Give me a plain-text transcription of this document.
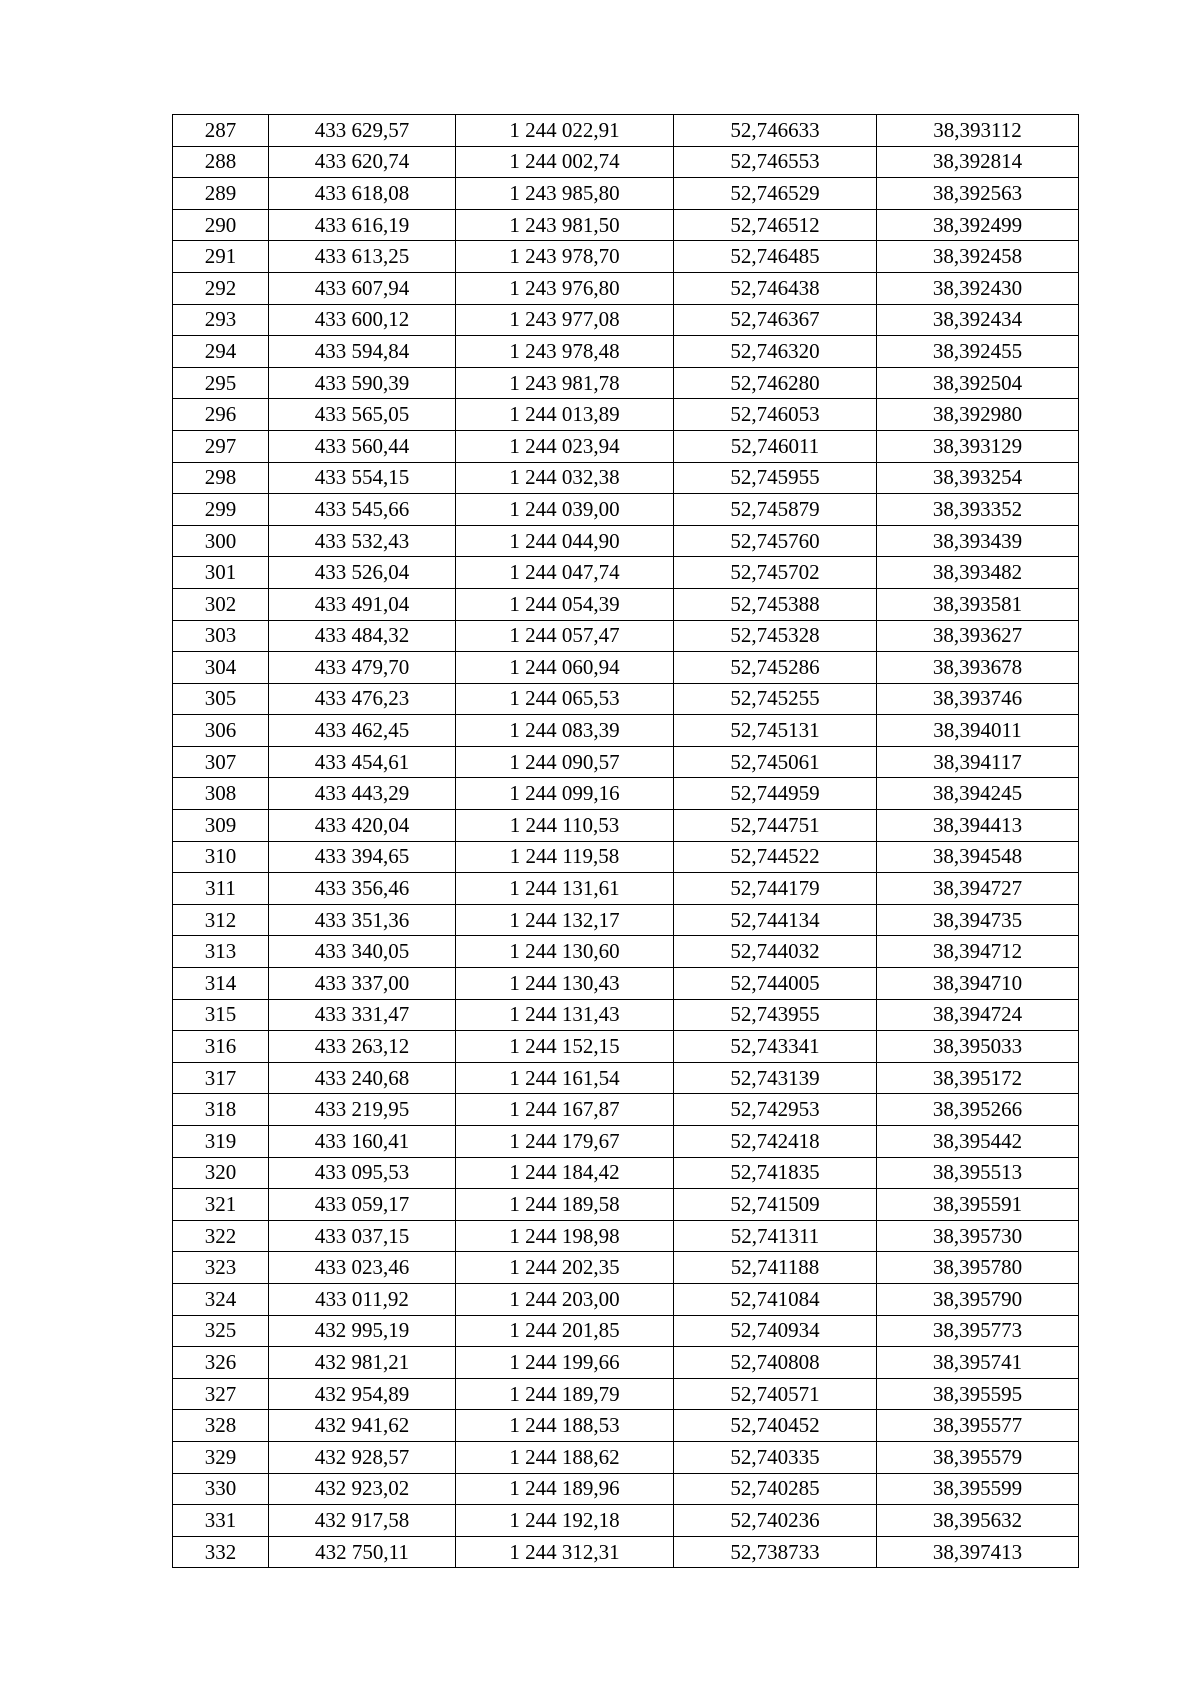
287	433 629,57	1 244 022,91	52,746633	38,393112
288	433 620,74	1 244 002,74	52,746553	38,392814
289	433 618,08	1 243 985,80	52,746529	38,392563
290	433 616,19	1 243 981,50	52,746512	38,392499
291	433 613,25	1 243 978,70	52,746485	38,392458
292	433 607,94	1 243 976,80	52,746438	38,392430
293	433 600,12	1 243 977,08	52,746367	38,392434
294	433 594,84	1 243 978,48	52,746320	38,392455
295	433 590,39	1 243 981,78	52,746280	38,392504
296	433 565,05	1 244 013,89	52,746053	38,392980
297	433 560,44	1 244 023,94	52,746011	38,393129
298	433 554,15	1 244 032,38	52,745955	38,393254
299	433 545,66	1 244 039,00	52,745879	38,393352
300	433 532,43	1 244 044,90	52,745760	38,393439
301	433 526,04	1 244 047,74	52,745702	38,393482
302	433 491,04	1 244 054,39	52,745388	38,393581
303	433 484,32	1 244 057,47	52,745328	38,393627
304	433 479,70	1 244 060,94	52,745286	38,393678
305	433 476,23	1 244 065,53	52,745255	38,393746
306	433 462,45	1 244 083,39	52,745131	38,394011
307	433 454,61	1 244 090,57	52,745061	38,394117
308	433 443,29	1 244 099,16	52,744959	38,394245
309	433 420,04	1 244 110,53	52,744751	38,394413
310	433 394,65	1 244 119,58	52,744522	38,394548
311	433 356,46	1 244 131,61	52,744179	38,394727
312	433 351,36	1 244 132,17	52,744134	38,394735
313	433 340,05	1 244 130,60	52,744032	38,394712
314	433 337,00	1 244 130,43	52,744005	38,394710
315	433 331,47	1 244 131,43	52,743955	38,394724
316	433 263,12	1 244 152,15	52,743341	38,395033
317	433 240,68	1 244 161,54	52,743139	38,395172
318	433 219,95	1 244 167,87	52,742953	38,395266
319	433 160,41	1 244 179,67	52,742418	38,395442
320	433 095,53	1 244 184,42	52,741835	38,395513
321	433 059,17	1 244 189,58	52,741509	38,395591
322	433 037,15	1 244 198,98	52,741311	38,395730
323	433 023,46	1 244 202,35	52,741188	38,395780
324	433 011,92	1 244 203,00	52,741084	38,395790
325	432 995,19	1 244 201,85	52,740934	38,395773
326	432 981,21	1 244 199,66	52,740808	38,395741
327	432 954,89	1 244 189,79	52,740571	38,395595
328	432 941,62	1 244 188,53	52,740452	38,395577
329	432 928,57	1 244 188,62	52,740335	38,395579
330	432 923,02	1 244 189,96	52,740285	38,395599
331	432 917,58	1 244 192,18	52,740236	38,395632
332	432 750,11	1 244 312,31	52,738733	38,397413
